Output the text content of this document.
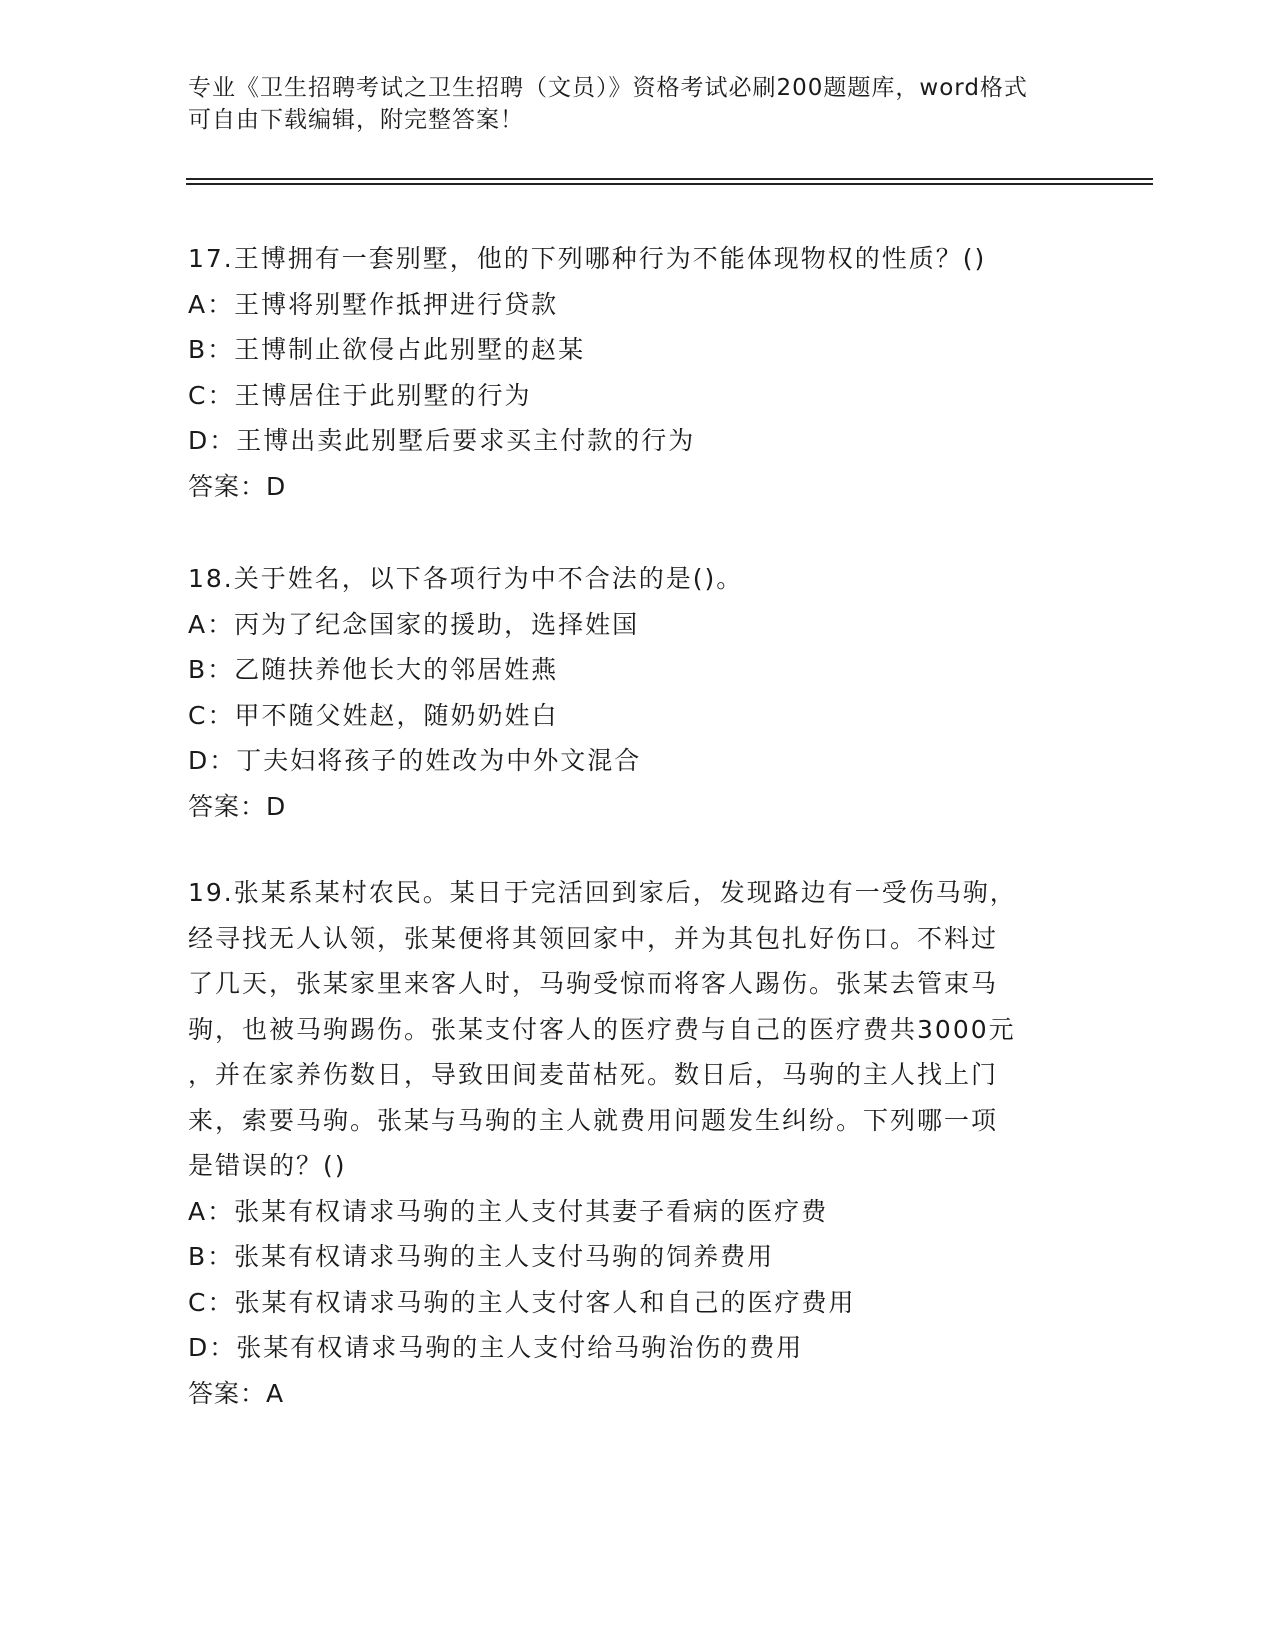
专业《卫生招聘考试之卫生招聘（文员）》资格考试必刷200题题库，word格式
可自由下载编辑，附完整答案！
17.王博拥有一套别墅，他的下列哪种行为不能体现物权的性质？()
A：王博将别墅作抵押进行贷款
B：王博制止欲侵占此别墅的赵某
C：王博居住于此别墅的行为
D：王博出卖此别墅后要求买主付款的行为
答案：D
18.关于姓名，以下各项行为中不合法的是()。
A：丙为了纪念国家的援助，选择姓国
B：乙随扶养他长大的邻居姓燕
C：甲不随父姓赵，随奶奶姓白
D：丁夫妇将孩子的姓改为中外文混合
答案：D
19.张某系某村农民。某日于完活回到家后，发现路边有一受伤马驹，
经寻找无人认领，张某便将其领回家中，并为其包扎好伤口。不料过
了几天，张某家里来客人时，马驹受惊而将客人踢伤。张某去管束马
驹，也被马驹踢伤。张某支付客人的医疗费与自己的医疗费共3000元
，并在家养伤数日，导致田间麦苗枯死。数日后，马驹的主人找上门
来，索要马驹。张某与马驹的主人就费用问题发生纠纷。下列哪一项
是错误的？()
A：张某有权请求马驹的主人支付其妻子看病的医疗费
B：张某有权请求马驹的主人支付马驹的饲养费用
C：张某有权请求马驹的主人支付客人和自己的医疗费用
D：张某有权请求马驹的主人支付给马驹治伤的费用
答案：A
